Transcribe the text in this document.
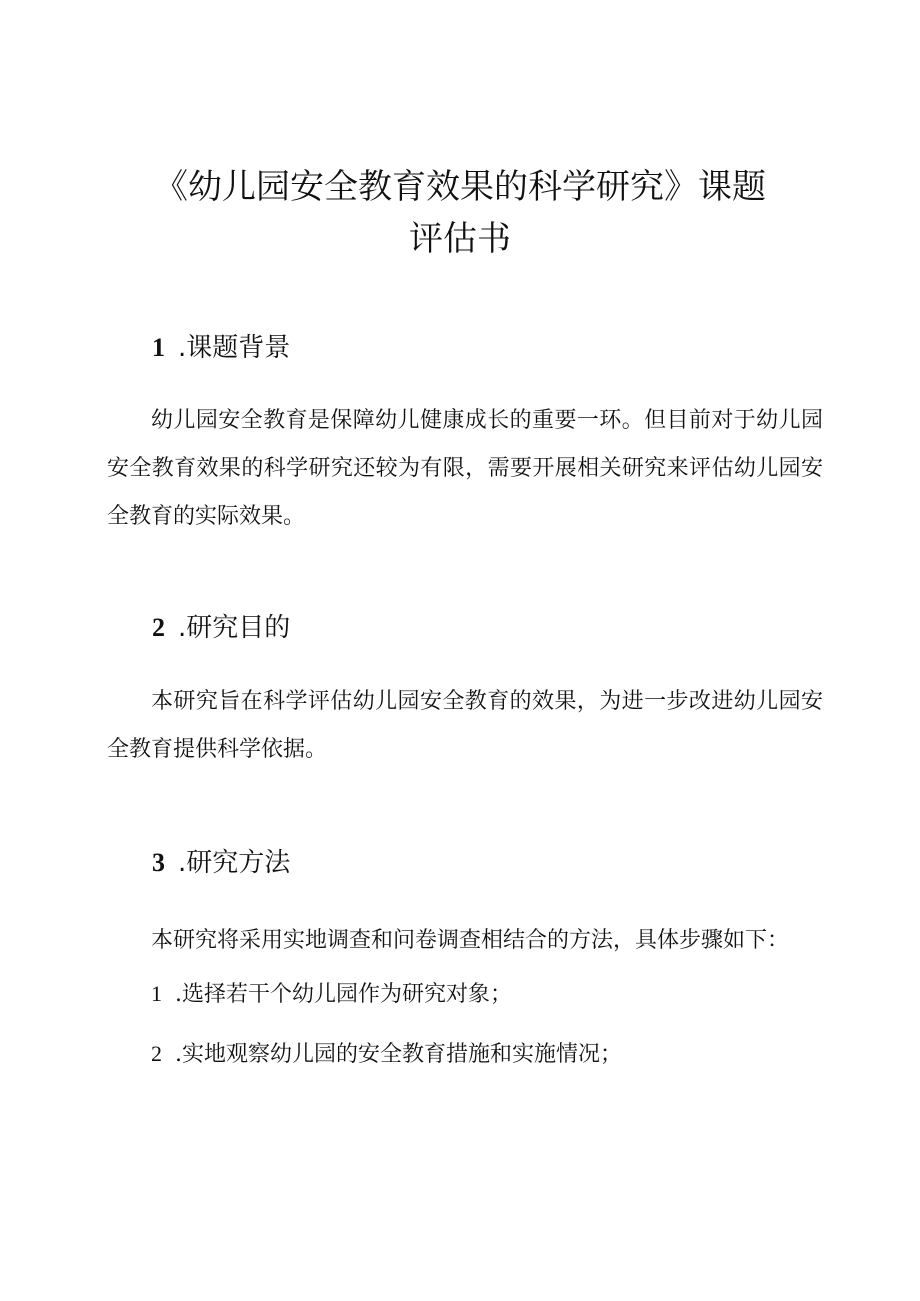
《幼儿园安全教育效果的科学研究》课题
评估书
1 .课题背景

幼儿园安全教育是保障幼儿健康成长的重要一环。但目前对于幼儿园安全教育效果的科学研究还较为有限，需要开展相关研究来评估幼儿园安全教育的实际效果。

2 .研究目的

本研究旨在科学评估幼儿园安全教育的效果，为进一步改进幼儿园安全教育提供科学依据。

3 .研究方法

本研究将采用实地调查和问卷调查相结合的方法，具体步骤如下：

1 .选择若干个幼儿园作为研究对象；

2 .实地观察幼儿园的安全教育措施和实施情况；
